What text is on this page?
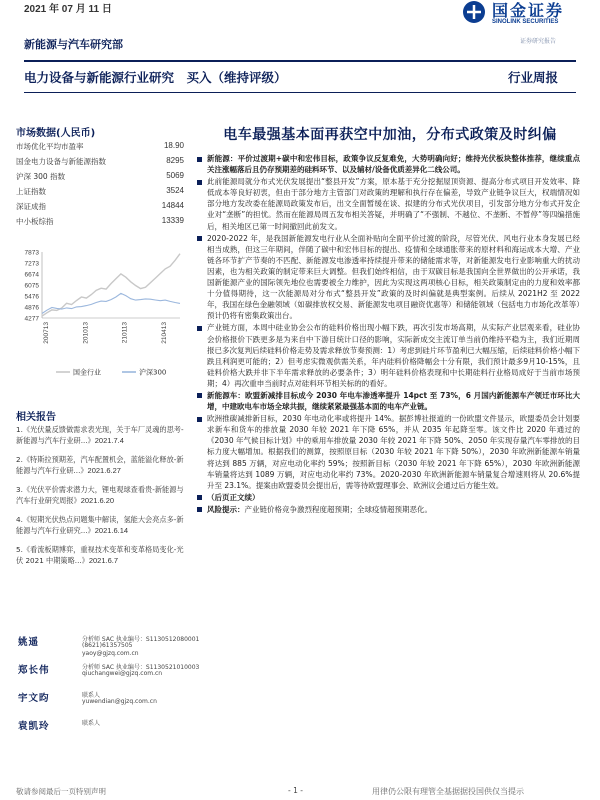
2021 年 07 月 11 日
新能源与汽车研究部
国金证券
SINOLINK SECURITIES
证券研究报告
电力设备与新能源行业研究　买入（维持评级）	行业周报
市场数据(人民币)
市场优化平均市盈率	18.90
国金电力设备与新能源指数	8295
沪深 300 指数	5069
上证指数	3524
深证成指	14844
中小板综指	13339
7873
7273
6674
6075
5476
4876
4277
200713	201013	210113	210413
国金行业	沪深300
相关报告
1.《光伏量反馈做需求表光现，关于车厂灵魂的思考-新能源与汽车行业研...》2021.7.4
2.《特斯拉预期差，汽车配置机会，蓝能溢化释放-新能源与汽车行业研...》2021.6.27
3.《光伏平价需求潜力大，锂电观球查看贵-新能源与汽车行业研究周报》2021.6.20
4.《短期光伏热点问题集中解读，氢能大会亮点多-新能源与汽车行业研究...》2021.6.14
5.《看流板期博弈，重视技术变革和变革格局变化-光伏 2021 中期策略...》2021.6.7
姚遥	分析师 SAC 执业编号：S1130512080001
(8621)61357505
yaoy@gjzq.com.cn
郑长伟	分析师 SAC 执业编号：S1130521010003
qiuchangwei@gjzq.com.cn
宇文昀	联系人
yuwendian@gjzq.com.cn
袁凯玲	联系人
敬请参阅最后一页特别声明
电车最强基本面再获空中加油，分布式政策及时纠偏
新能源：平价过渡期+碳中和宏伟目标，政策争议反复难免，大势明确向好；维持光伏板块整体推荐，继续重点关注涨幅落后且仍存预期差的硅料环节、以及辅材/设备优质差异化二线公司。
此前能源局就分布式光伏发展提出“整县开发”方案，原本基于充分挖掘屋顶资源、提高分布式项目开发效率、降低成本等良好初衷，但由于部分地方主管部门对政策的理解和执行存在偏差，导致产业链争议巨大，权端情况如部分地方发改委在能源局政策发布后，出文全面暂缓在谈、拟建的分布式光伏项目，引发部分地方分布式开发企业对“垄断”的担忧。然而在能源局周五发布相关答疑，并明确了“不强制、不越位、不垄断、不暂停”等四编措施后，相关地区已第一时间撤回此前发文。
2020-2022 年，是我国新能源发电行业从全面补贴向全面平价过渡的阶段，尽管光伏、风电行业本身发展已经相当成熟，但这三年期间，伴随了碳中和宏伟目标的提出、疫情和全球通胀带来的原材料和海运成本大增、产业链各环节扩产节奏的不匹配、新能源发电渗透率持续提升带来的储能需求等，对新能源发电行业影响重大的扰动因素，也为相关政策的制定带来巨大调整。但我们始终相信，由于双碳目标是我国向全世界做出的公开承诺，我国新能源产业的国际领先地位也需要被全力维护，因此为实现这两项核心目标，相关政策制定由的力度和效率都十分值得期待，这一次能源局对分布式“整县开发”政策的及时纠偏就是典型案例。后续从 2021H2 至 2022 年，我国在绿色金融领域（如碳排放权交易、新能源发电项目融资优惠等）和储能领域（包括电力市场化改革等）预计仍将有密集政策出台。
产业链方面，本周中硅业协会公布的硅料价格出现小幅下跌，再次引发市场高期，从实际产业层观来看，硅业协会价格报价下跌更多是为来自中下游目统计口径的影响，实际新成交主流订单当前仍维持平稳为主，我们近期周报已多次复判后续硅料价格走势及需求释放节奏预测：1）考虑到硅片环节盈利已大幅压缩，后续硅料价格小幅下跌且利润更可能的；2）但考虑实微观供需关系，年内硅料价格降幅会十分有限，我们预计最多9月10-15%，且硅料价格大跌并非下半年需求释放的必要条件；3）明年硅料价格表现和中长期硅料行业格局成好于当前市场预期；4）再次重申当前时点对硅料环节相关标的的看好。
新能源车：欧盟新减排目标成今 2030 年电车渗透率提升 14pct 至 73%，6 月国内新能源车产领迁市环比大增，中建欧电车市场全球共振，继续紧紧最强基本面的电车产业链。
欧洲推碳减排新目标，2030 年电动化率或将提升 14%。据彭博社报道的一份欧盟文件显示，欧盟委员会计划要求新车和货车的排放量 2030 年较 2021 年下降 65%，并从 2035 年起降至零。该文件比 2020 年通过的《2030 年气候目标计划》中的乘用车排放量 2030 年较 2021 年下降 50%、2050 年实现存量汽车零排放的目标力度大幅增加。根据我们的测算，按照原目标（2030 年较 2021 年下降 50%），2030 年欧洲新能源车销量将达到 885 万辆，对应电动化率约 59%；按照新目标（2030 年较 2021 年下降 65%），2030 年欧洲新能源车销量将达到 1089 万辆，对应电动化率约 73%。2020-2030 年欧洲新能源车销量复合增速则将从 20.6%提升至 23.1%。提案由欧盟委员会提出后，需等待欧盟理事会、欧洲议会通过后方能生效。
（后页正文续）
风险提示：产业链价格竞争激烈程度超预期；全球疫情超预期恶化。
- 1 -	用律仍公限有理管全基据据投国供仅当提示
